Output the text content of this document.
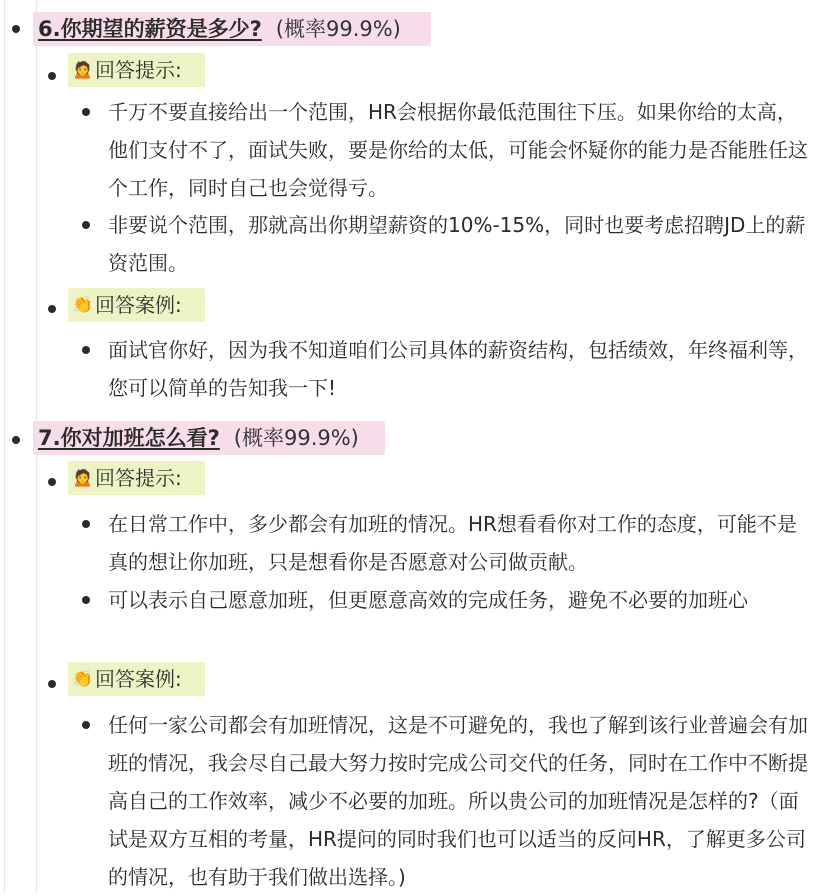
6.你期望的薪资是多少? (概率99.9%)
🙍 回答提示:
千万不要直接给出一个范围，HR会根据你最低范围往下压。如果你给的太高，他们支付不了，面试失败，要是你给的太低，可能会怀疑你的能力是否能胜任这个工作，同时自己也会觉得亏。
非要说个范围，那就高出你期望薪资的10%-15%，同时也要考虑招聘JD上的薪资范围。
👏 回答案例:
面试官你好，因为我不知道咱们公司具体的薪资结构，包括绩效，年终福利等，您可以简单的告知我一下!
7.你对加班怎么看? (概率99.9%)
🙍 回答提示:
在日常工作中，多少都会有加班的情况。HR想看看你对工作的态度，可能不是真的想让你加班，只是想看你是否愿意对公司做贡献。
可以表示自己愿意加班，但更愿意高效的完成任务，避免不必要的加班心
👏 回答案例:
任何一家公司都会有加班情况，这是不可避免的，我也了解到该行业普遍会有加班的情况，我会尽自己最大努力按时完成公司交代的任务，同时在工作中不断提高自己的工作效率，减少不必要的加班。所以贵公司的加班情况是怎样的?（面试是双方互相的考量，HR提问的同时我们也可以适当的反问HR，了解更多公司的情况，也有助于我们做出选择。)
